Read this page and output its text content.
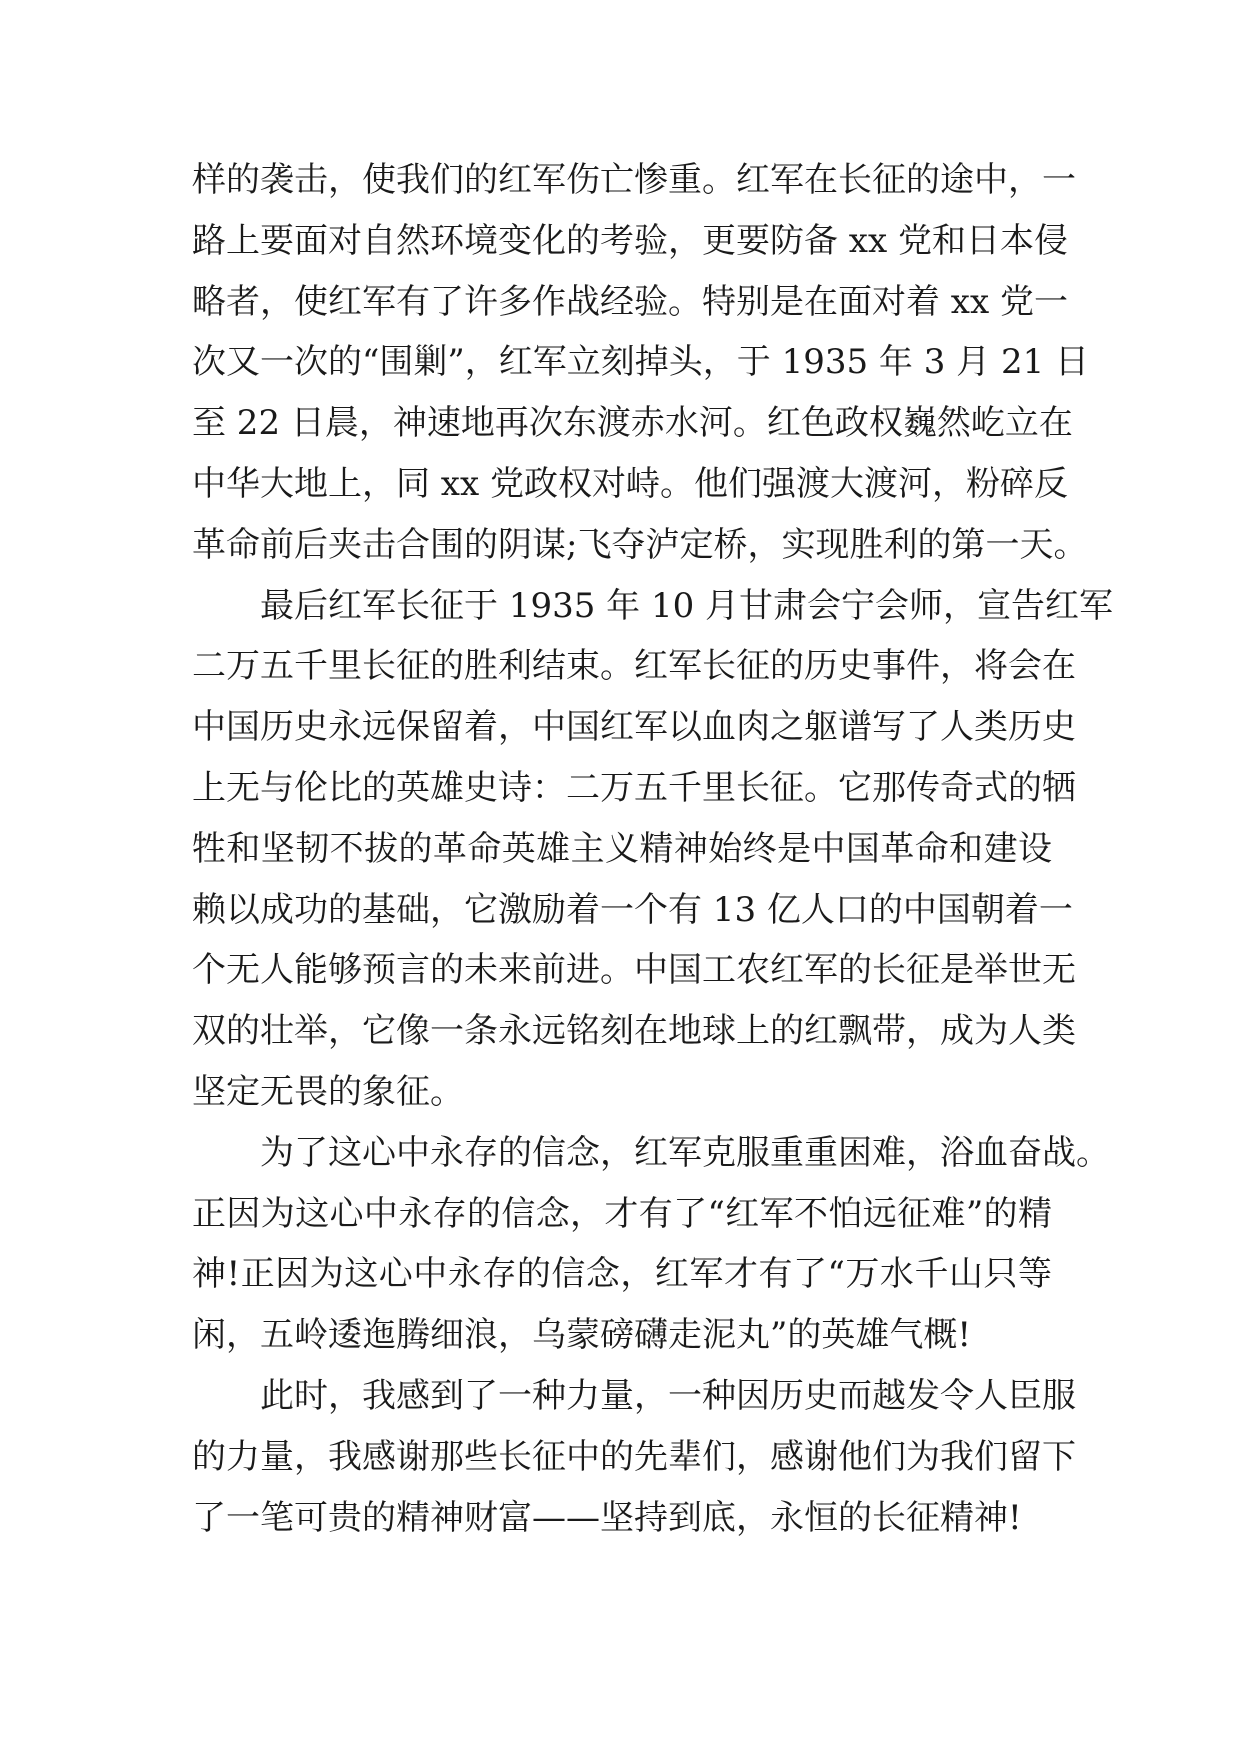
样的袭击，使我们的红军伤亡惨重。红军在长征的途中，一
路上要面对自然环境变化的考验，更要防备 xx 党和日本侵
略者，使红军有了许多作战经验。特别是在面对着 xx 党一
次又一次的“围剿”，红军立刻掉头，于 1935 年 3 月 21 日
至 22 日晨，神速地再次东渡赤水河。红色政权巍然屹立在
中华大地上，同 xx 党政权对峙。他们强渡大渡河，粉碎反
革命前后夹击合围的阴谋;飞夺泸定桥，实现胜利的第一天。
最后红军长征于 1935 年 10 月甘肃会宁会师，宣告红军
二万五千里长征的胜利结束。红军长征的历史事件，将会在
中国历史永远保留着，中国红军以血肉之躯谱写了人类历史
上无与伦比的英雄史诗：二万五千里长征。它那传奇式的牺
牲和坚韧不拔的革命英雄主义精神始终是中国革命和建设
赖以成功的基础，它激励着一个有 13 亿人口的中国朝着一
个无人能够预言的未来前进。中国工农红军的长征是举世无
双的壮举，它像一条永远铭刻在地球上的红飘带，成为人类
坚定无畏的象征。
为了这心中永存的信念，红军克服重重困难，浴血奋战。
正因为这心中永存的信念，才有了“红军不怕远征难”的精
神!正因为这心中永存的信念，红军才有了“万水千山只等
闲，五岭逶迤腾细浪，乌蒙磅礴走泥丸”的英雄气概!
此时，我感到了一种力量，一种因历史而越发令人臣服
的力量，我感谢那些长征中的先辈们，感谢他们为我们留下
了一笔可贵的精神财富——坚持到底，永恒的长征精神!
